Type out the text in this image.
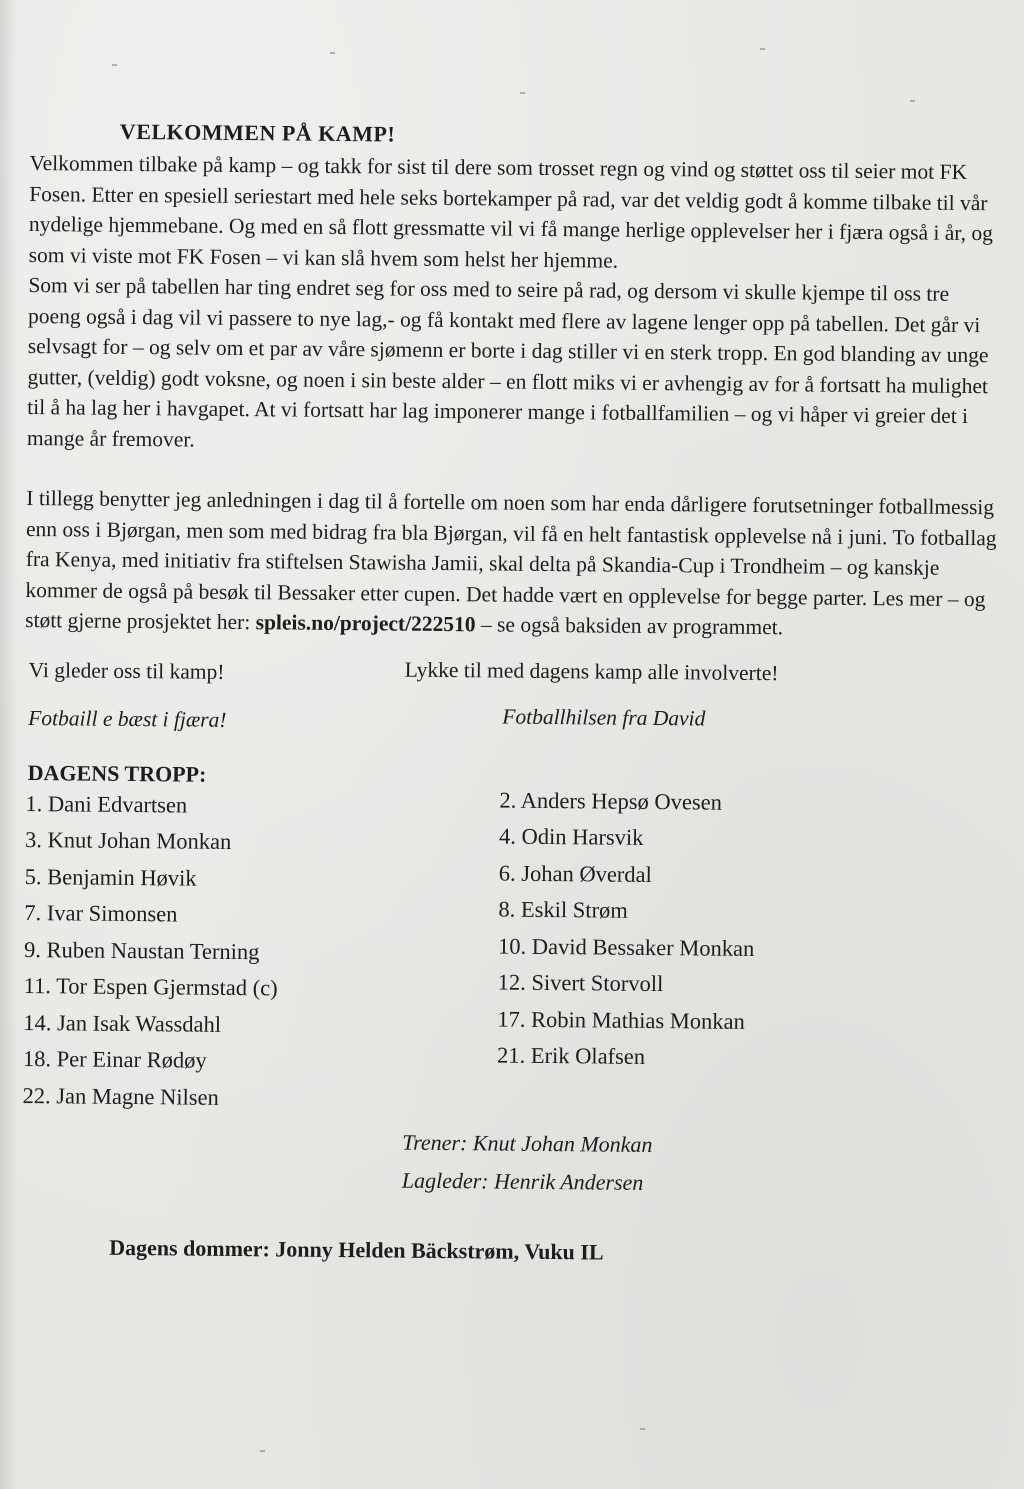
VELKOMMEN PÅ KAMP!

Velkommen tilbake på kamp – og takk for sist til dere som trosset regn og vind og støttet oss til seier mot FK Fosen. Etter en spesiell seriestart med hele seks bortekamper på rad, var det veldig godt å komme tilbake til vår nydelige hjemmebane. Og med en så flott gressmatte vil vi få mange herlige opplevelser her i fjæra også i år, og som vi viste mot FK Fosen – vi kan slå hvem som helst her hjemme.

Som vi ser på tabellen har ting endret seg for oss med to seire på rad, og dersom vi skulle kjempe til oss tre poeng også i dag vil vi passere to nye lag,- og få kontakt med flere av lagene lenger opp på tabellen. Det går vi selvsagt for – og selv om et par av våre sjømenn er borte i dag stiller vi en sterk tropp. En god blanding av unge gutter, (veldig) godt voksne, og noen i sin beste alder – en flott miks vi er avhengig av for å fortsatt ha mulighet til å ha lag her i havgapet. At vi fortsatt har lag imponerer mange i fotballfamilien – og vi håper vi greier det i mange år fremover.

I tillegg benytter jeg anledningen i dag til å fortelle om noen som har enda dårligere forutsetninger fotballmessig enn oss i Bjørgan, men som med bidrag fra bla Bjørgan, vil få en helt fantastisk opplevelse nå i juni. To fotballag fra Kenya, med initiativ fra stiftelsen Stawisha Jamii, skal delta på Skandia-Cup i Trondheim – og kanskje kommer de også på besøk til Bessaker etter cupen. Det hadde vært en opplevelse for begge parter. Les mer – og støtt gjerne prosjektet her: spleis.no/project/222510 – se også baksiden av programmet.

Vi gleder oss til kamp!	Lykke til med dagens kamp alle involverte!
Fotbaill e bæst i fjæra!	Fotballhilsen fra David
DAGENS TROPP:
1. Dani Edvartsen
3. Knut Johan Monkan
5. Benjamin Høvik
7. Ivar Simonsen
9. Ruben Naustan Terning
11. Tor Espen Gjermstad (c)
14. Jan Isak Wassdahl
18. Per Einar Rødøy
22. Jan Magne Nilsen
2. Anders Hepsø Ovesen
4. Odin Harsvik
6. Johan Øverdal
8. Eskil Strøm
10. David Bessaker Monkan
12. Sivert Storvoll
17. Robin Mathias Monkan
21. Erik Olafsen
Trener: Knut Johan Monkan
Lagleder: Henrik Andersen
Dagens dommer: Jonny Helden Bäckstrøm, Vuku IL
